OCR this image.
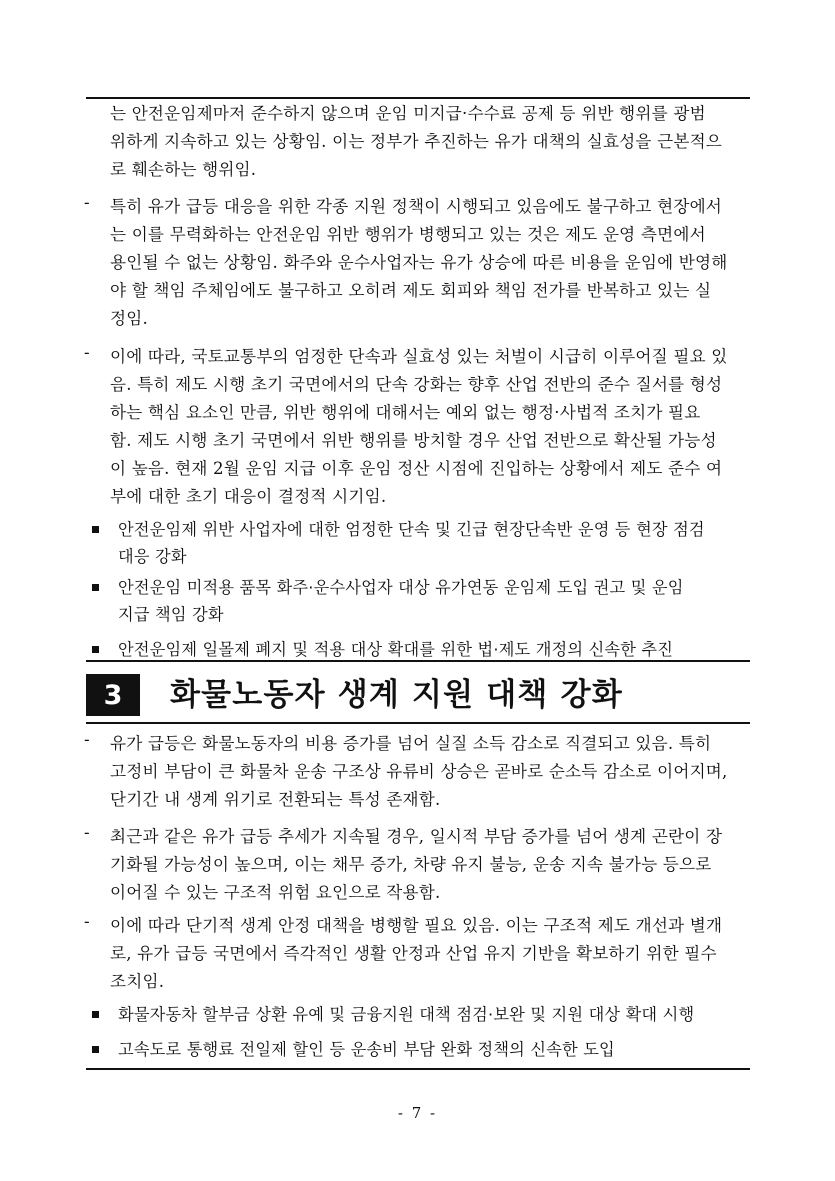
는 안전운임제마저 준수하지 않으며 운임 미지급·수수료 공제 등 위반 행위를 광범
위하게 지속하고 있는 상황임. 이는 정부가 추진하는 유가 대책의 실효성을 근본적으
로 훼손하는 행위임.
-	특히 유가 급등 대응을 위한 각종 지원 정책이 시행되고 있음에도 불구하고 현장에서
는 이를 무력화하는 안전운임 위반 행위가 병행되고 있는 것은 제도 운영 측면에서
용인될 수 없는 상황임. 화주와 운수사업자는 유가 상승에 따른 비용을 운임에 반영해
야 할 책임 주체임에도 불구하고 오히려 제도 회피와 책임 전가를 반복하고 있는 실
정임.
-	이에 따라, 국토교통부의 엄정한 단속과 실효성 있는 처벌이 시급히 이루어질 필요 있
음. 특히 제도 시행 초기 국면에서의 단속 강화는 향후 산업 전반의 준수 질서를 형성
하는 핵심 요소인 만큼, 위반 행위에 대해서는 예외 없는 행정·사법적 조치가 필요
함. 제도 시행 초기 국면에서 위반 행위를 방치할 경우 산업 전반으로 확산될 가능성
이 높음. 현재 2월 운임 지급 이후 운임 정산 시점에 진입하는 상황에서 제도 준수 여
부에 대한 초기 대응이 결정적 시기임.
안전운임제 위반 사업자에 대한 엄정한 단속 및 긴급 현장단속반 운영 등 현장 점검
대응 강화
안전운임 미적용 품목 화주·운수사업자 대상 유가연동 운임제 도입 권고 및 운임
지급 책임 강화
안전운임제 일몰제 폐지 및 적용 대상 확대를 위한 법·제도 개정의 신속한 추진
3	화물노동자 생계 지원 대책 강화
-	유가 급등은 화물노동자의 비용 증가를 넘어 실질 소득 감소로 직결되고 있음. 특히
고정비 부담이 큰 화물차 운송 구조상 유류비 상승은 곧바로 순소득 감소로 이어지며,
단기간 내 생계 위기로 전환되는 특성 존재함.
-	최근과 같은 유가 급등 추세가 지속될 경우, 일시적 부담 증가를 넘어 생계 곤란이 장
기화될 가능성이 높으며, 이는 채무 증가, 차량 유지 불능, 운송 지속 불가능 등으로
이어질 수 있는 구조적 위험 요인으로 작용함.
-	이에 따라 단기적 생계 안정 대책을 병행할 필요 있음. 이는 구조적 제도 개선과 별개
로, 유가 급등 국면에서 즉각적인 생활 안정과 산업 유지 기반을 확보하기 위한 필수
조치임.
화물자동차 할부금 상환 유예 및 금융지원 대책 점검·보완 및 지원 대상 확대 시행
고속도로 통행료 전일제 할인 등 운송비 부담 완화 정책의 신속한 도입
- 7 -
